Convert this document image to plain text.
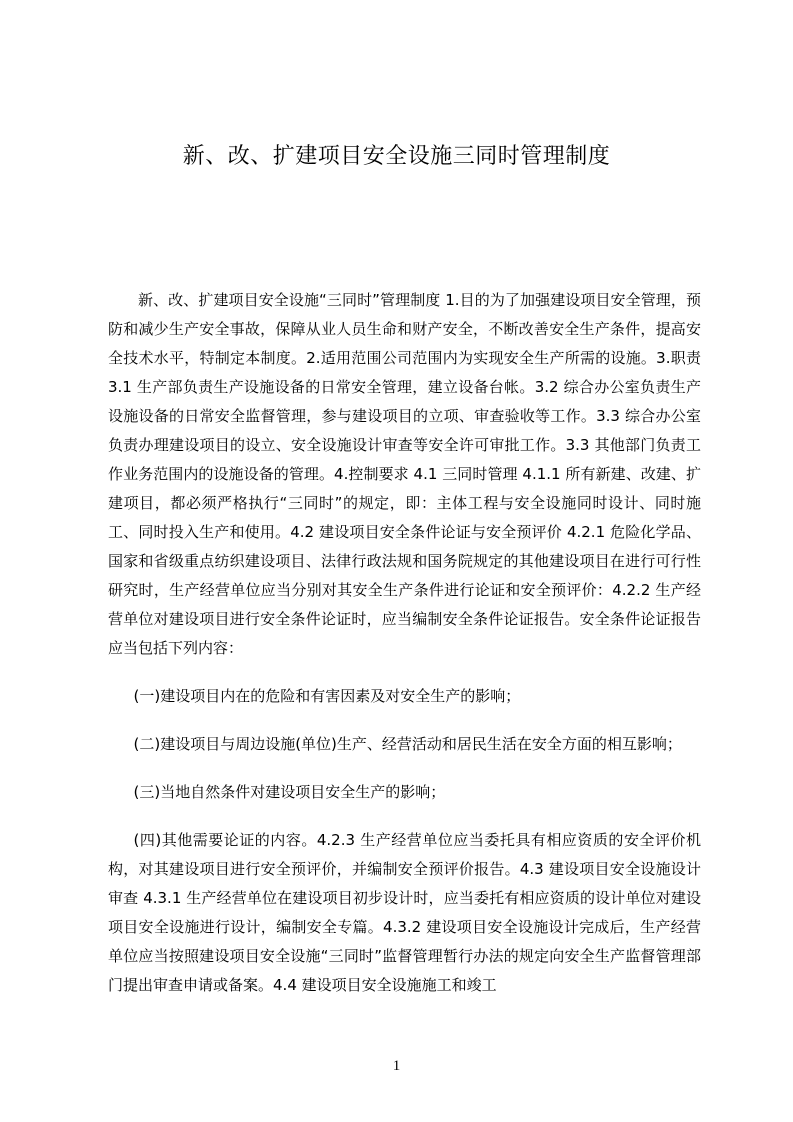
新、改、扩建项目安全设施三同时管理制度

新、改、扩建项目安全设施“三同时”管理制度 1.目的为了加强建设项目安全管理，预防和减少生产安全事故，保障从业人员生命和财产安全，不断改善安全生产条件，提高安全技术水平，特制定本制度。2.适用范围公司范围内为实现安全生产所需的设施。3.职责 3.1 生产部负责生产设施设备的日常安全管理，建立设备台帐。3.2 综合办公室负责生产设施设备的日常安全监督管理，参与建设项目的立项、审查验收等工作。3.3 综合办公室负责办理建设项目的设立、安全设施设计审查等安全许可审批工作。3.3 其他部门负责工作业务范围内的设施设备的管理。4.控制要求 4.1 三同时管理 4.1.1 所有新建、改建、扩建项目，都必须严格执行“三同时”的规定，即：主体工程与安全设施同时设计、同时施工、同时投入生产和使用。4.2 建设项目安全条件论证与安全预评价 4.2.1 危险化学品、国家和省级重点纺织建设项目、法律行政法规和国务院规定的其他建设项目在进行可行性研究时，生产经营单位应当分别对其安全生产条件进行论证和安全预评价：4.2.2 生产经营单位对建设项目进行安全条件论证时，应当编制安全条件论证报告。安全条件论证报告应当包括下列内容：

(一)建设项目内在的危险和有害因素及对安全生产的影响；

(二)建设项目与周边设施(单位)生产、经营活动和居民生活在安全方面的相互影响；

(三)当地自然条件对建设项目安全生产的影响；

(四)其他需要论证的内容。4.2.3 生产经营单位应当委托具有相应资质的安全评价机构，对其建设项目进行安全预评价，并编制安全预评价报告。4.3 建设项目安全设施设计审查 4.3.1 生产经营单位在建设项目初步设计时，应当委托有相应资质的设计单位对建设项目安全设施进行设计，编制安全专篇。4.3.2 建设项目安全设施设计完成后，生产经营单位应当按照建设项目安全设施“三同时”监督管理暂行办法的规定向安全生产监督管理部门提出审查申请或备案。4.4 建设项目安全设施施工和竣工

1
